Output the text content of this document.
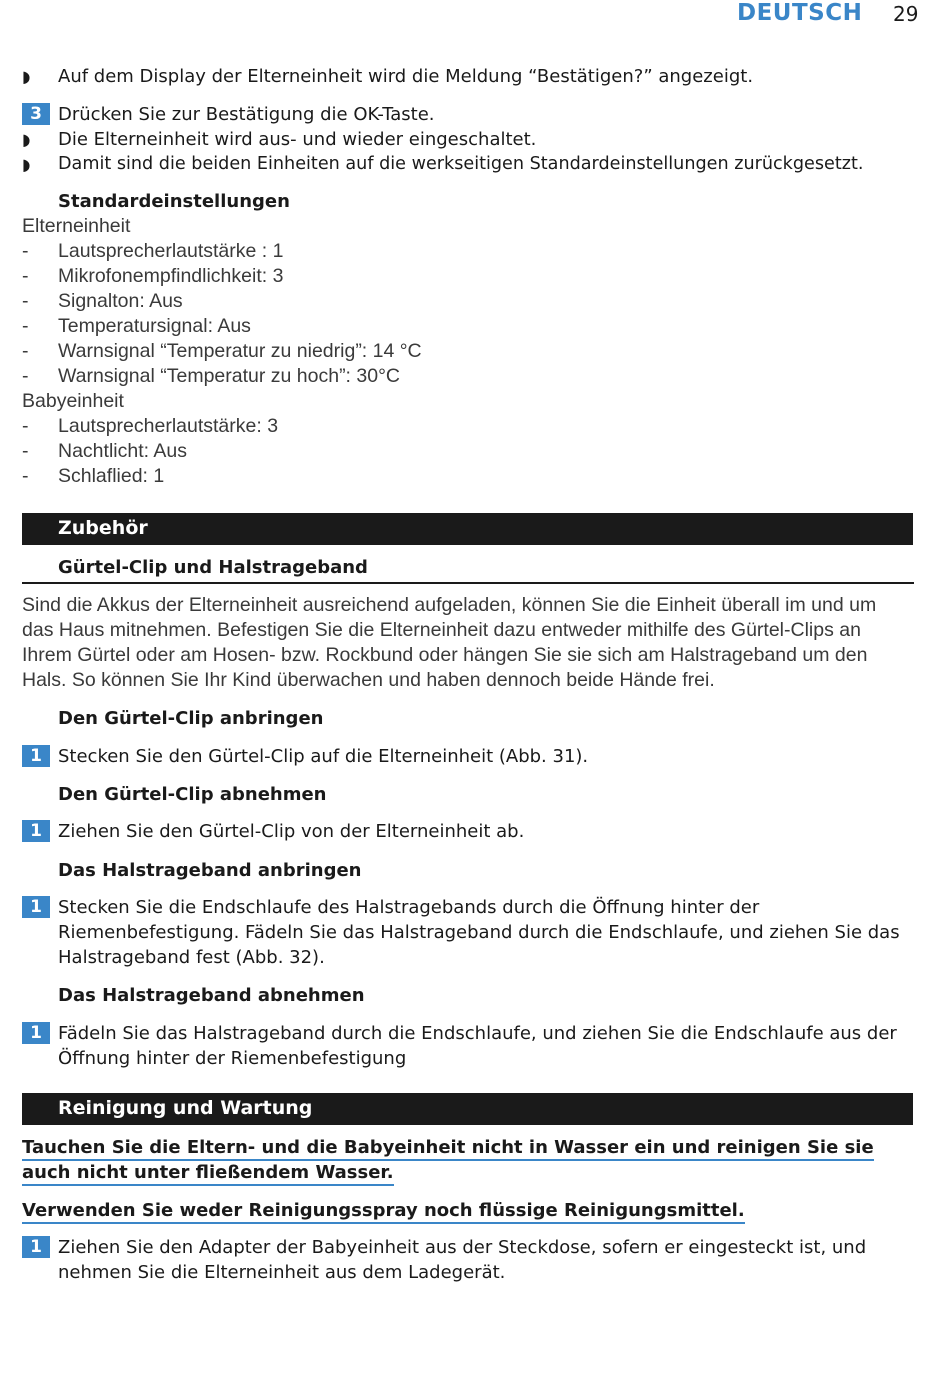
DEUTSCH 29
◗ Auf dem Display der Elterneinheit wird die Meldung “Bestätigen?” angezeigt.
3 Drücken Sie zur Bestätigung die OK-Taste.
◗ Die Elterneinheit wird aus- und wieder eingeschaltet.
◗ Damit sind die beiden Einheiten auf die werkseitigen Standardeinstellungen zurückgesetzt.
Standardeinstellungen
Elterneinheit
- Lautsprecherlautstärke : 1
- Mikrofonempfindlichkeit: 3
- Signalton: Aus
- Temperatursignal: Aus
- Warnsignal “Temperatur zu niedrig”: 14 °C
- Warnsignal “Temperatur zu hoch”: 30°C
Babyeinheit
- Lautsprecherlautstärke: 3
- Nachtlicht: Aus
- Schlaflied: 1
Zubehör
Gürtel-Clip und Halstrageband
Sind die Akkus der Elterneinheit ausreichend aufgeladen, können Sie die Einheit überall im und um das Haus mitnehmen. Befestigen Sie die Elterneinheit dazu entweder mithilfe des Gürtel-Clips an Ihrem Gürtel oder am Hosen- bzw. Rockbund oder hängen Sie sie sich am Halstrageband um den Hals. So können Sie Ihr Kind überwachen und haben dennoch beide Hände frei.
Den Gürtel-Clip anbringen
1 Stecken Sie den Gürtel-Clip auf die Elterneinheit (Abb. 31).
Den Gürtel-Clip abnehmen
1 Ziehen Sie den Gürtel-Clip von der Elterneinheit ab.
Das Halstrageband anbringen
1 Stecken Sie die Endschlaufe des Halstragebands durch die Öffnung hinter der Riemenbefestigung. Fädeln Sie das Halstrageband durch die Endschlaufe, und ziehen Sie das Halstrageband fest (Abb. 32).
Das Halstrageband abnehmen
1 Fädeln Sie das Halstrageband durch die Endschlaufe, und ziehen Sie die Endschlaufe aus der Öffnung hinter der Riemenbefestigung
Reinigung und Wartung
Tauchen Sie die Eltern- und die Babyeinheit nicht in Wasser ein und reinigen Sie sie auch nicht unter fließendem Wasser.
Verwenden Sie weder Reinigungsspray noch flüssige Reinigungsmittel.
1 Ziehen Sie den Adapter der Babyeinheit aus der Steckdose, sofern er eingesteckt ist, und nehmen Sie die Elterneinheit aus dem Ladegerät.
